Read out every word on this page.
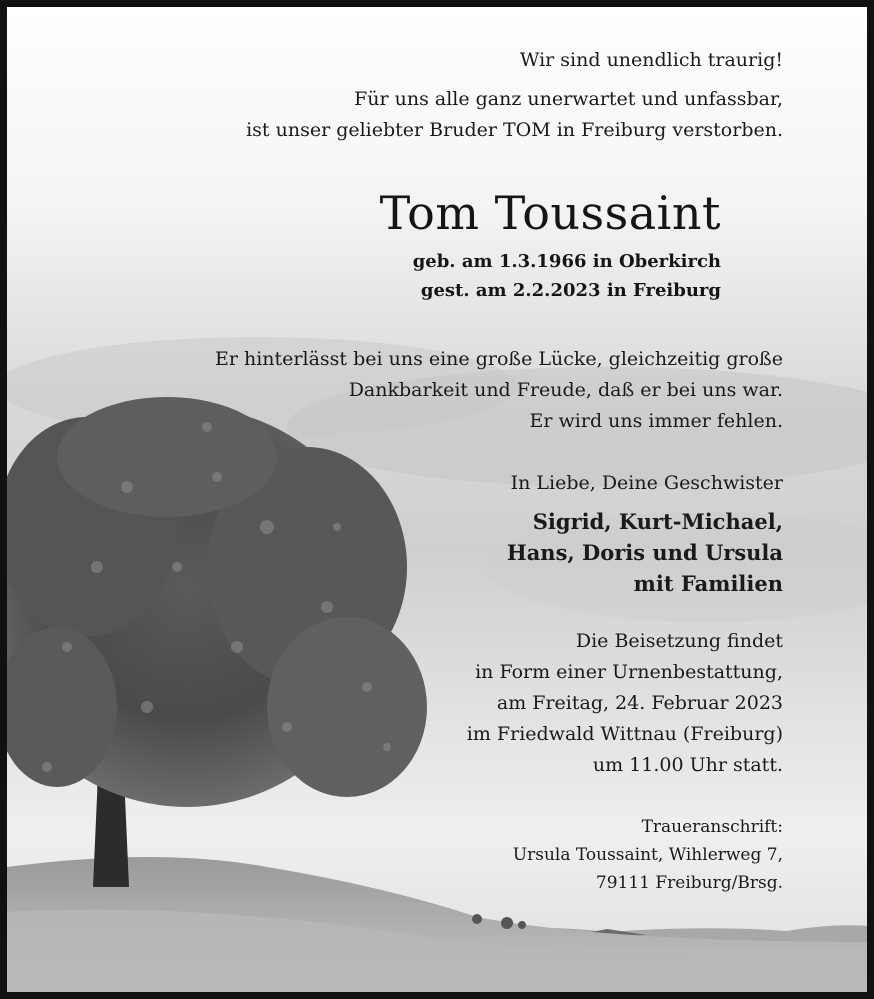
Wir sind unendlich traurig!
Für uns alle ganz unerwartet und unfassbar,
ist unser geliebter Bruder TOM in Freiburg verstorben.
Tom Toussaint
geb. am 1.3.1966 in Oberkirch
gest. am 2.2.2023 in Freiburg
Er hinterlässt bei uns eine große Lücke, gleichzeitig große
Dankbarkeit und Freude, daß er bei uns war.
Er wird uns immer fehlen.
In Liebe, Deine Geschwister
Sigrid, Kurt-Michael,
Hans, Doris und Ursula
mit Familien
Die Beisetzung findet
in Form einer Urnenbestattung,
am Freitag, 24. Februar 2023
im Friedwald Wittnau (Freiburg)
um 11.00 Uhr statt.
Traueranschrift:
Ursula Toussaint, Wihlerweg 7,
79111 Freiburg/Brsg.
